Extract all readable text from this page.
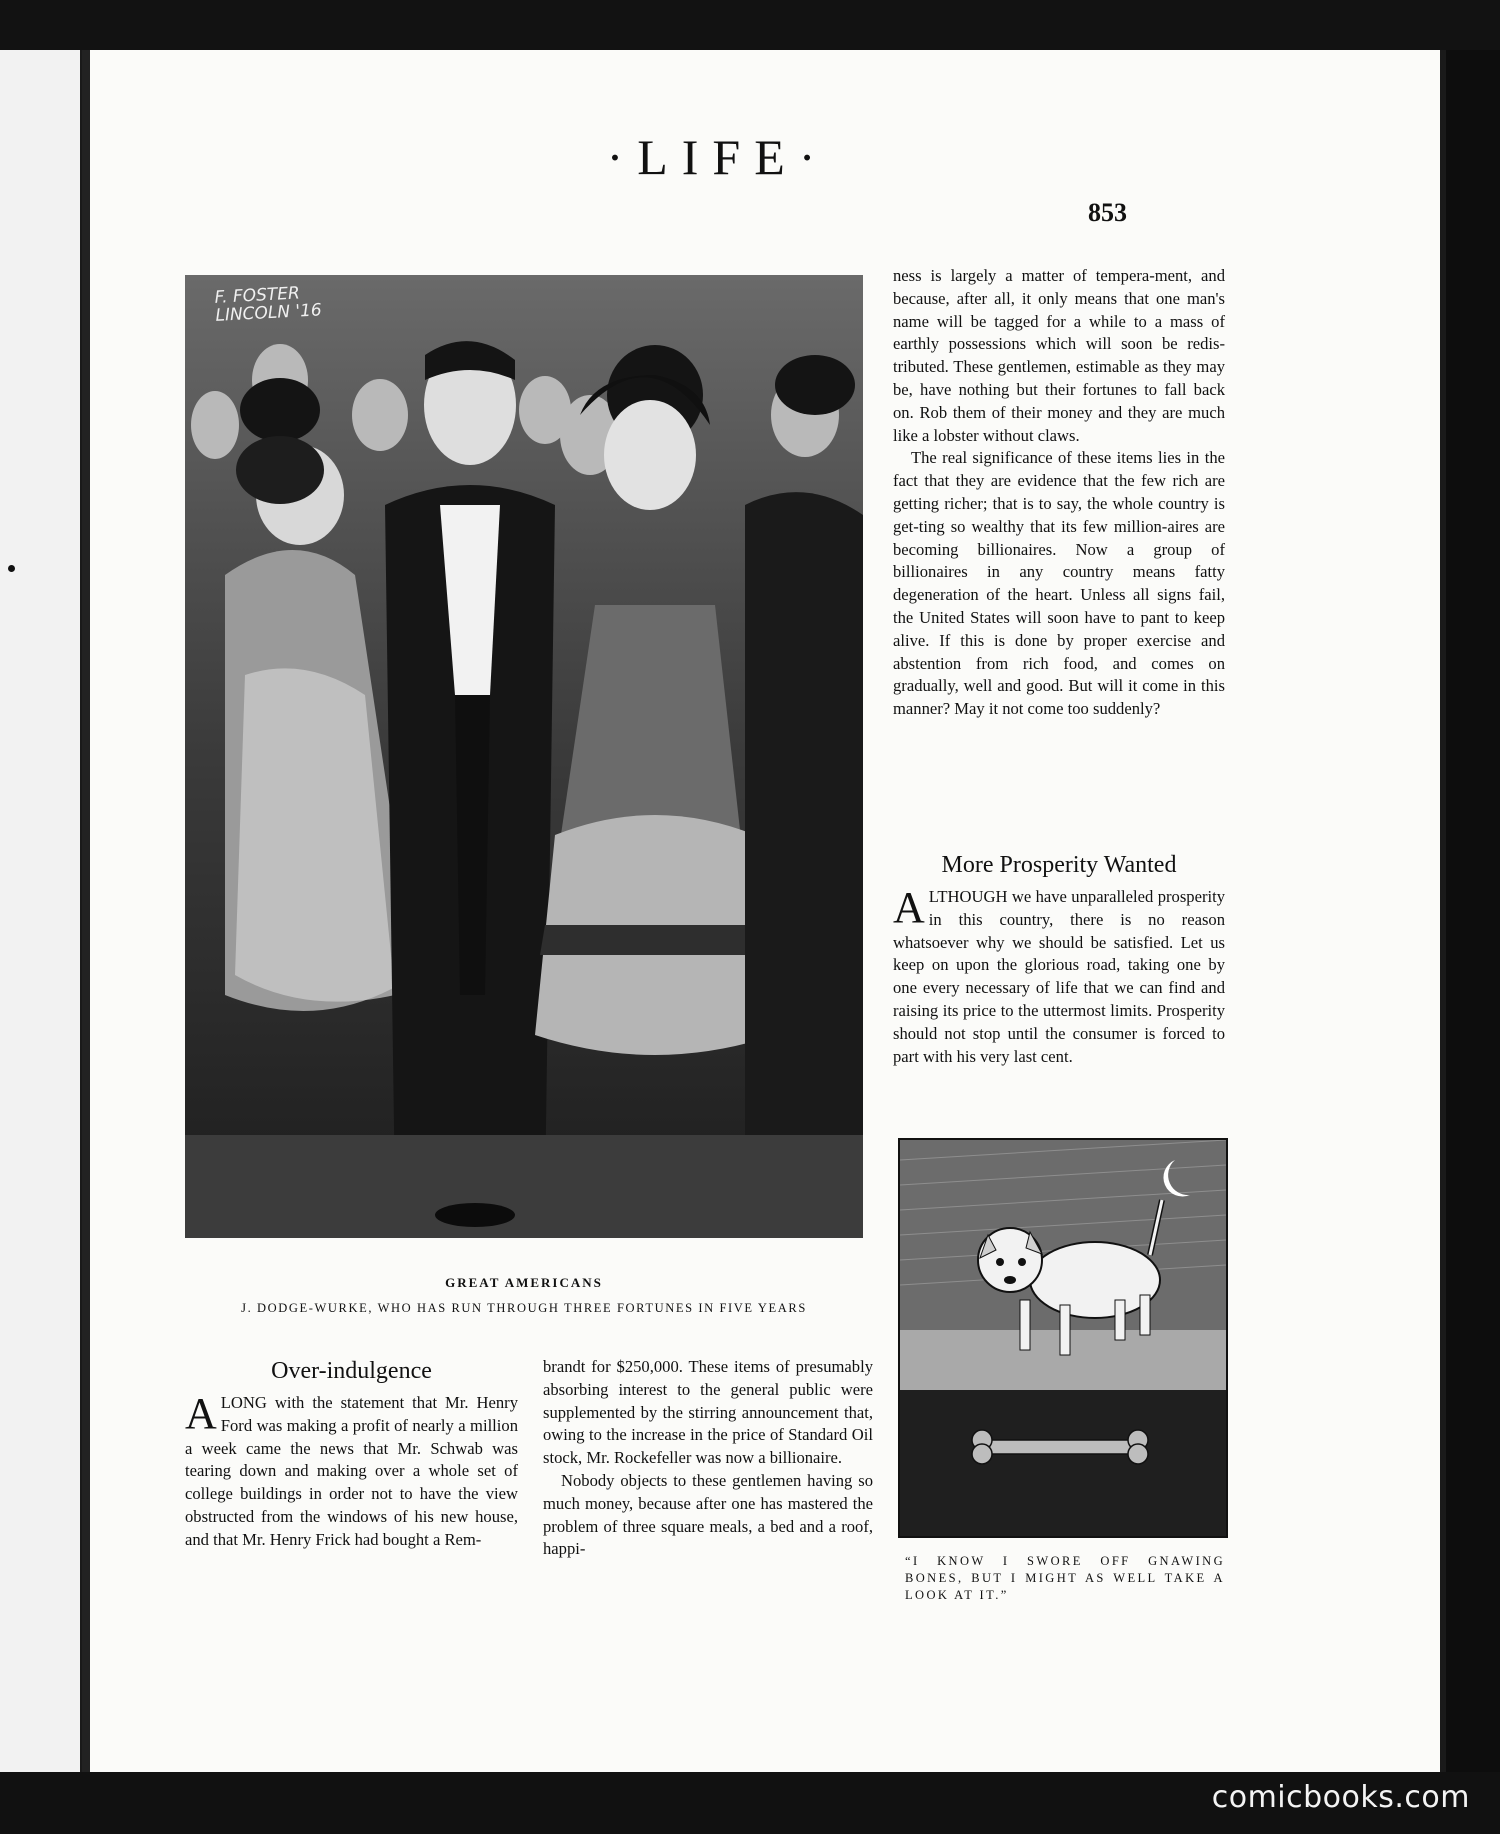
·LIFE·
853
F. FOSTER LINCOLN '16
GREAT AMERICANS
J. DODGE-WURKE, WHO HAS RUN THROUGH THREE FORTUNES IN FIVE YEARS

ness is largely a matter of tempera-ment, and because, after all, it only means that one man's name will be tagged for a while to a mass of earthly possessions which will soon be redis-tributed. These gentlemen, estimable as they may be, have nothing but their fortunes to fall back on. Rob them of their money and they are much like a lobster without claws.

The real significance of these items lies in the fact that they are evidence that the few rich are getting richer; that is to say, the whole country is get-ting so wealthy that its few million-aires are becoming billionaires. Now a group of billionaires in any country means fatty degeneration of the heart. Unless all signs fail, the United States will soon have to pant to keep alive. If this is done by proper exercise and abstention from rich food, and comes on gradually, well and good. But will it come in this manner? May it not come too suddenly?

More Prosperity Wanted

ALTHOUGH we have unparalleled prosperity in this country, there is no reason whatsoever why we should be satisfied. Let us keep on upon the glorious road, taking one by one every necessary of life that we can find and raising its price to the uttermost limits. Prosperity should not stop until the consumer is forced to part with his very last cent.

Over-indulgence

ALONG with the statement that Mr. Henry Ford was making a profit of nearly a million a week came the news that Mr. Schwab was tearing down and making over a whole set of college buildings in order not to have the view obstructed from the windows of his new house, and that Mr. Henry Frick had bought a Rem-

brandt for $250,000. These items of presumably absorbing interest to the general public were supplemented by the stirring announcement that, owing to the increase in the price of Standard Oil stock, Mr. Rockefeller was now a billionaire.

Nobody objects to these gentlemen having so much money, because after one has mastered the problem of three square meals, a bed and a roof, happi-

“I KNOW I SWORE OFF GNAWING BONES, BUT I MIGHT AS WELL TAKE A LOOK AT IT.”
comicbooks.com
